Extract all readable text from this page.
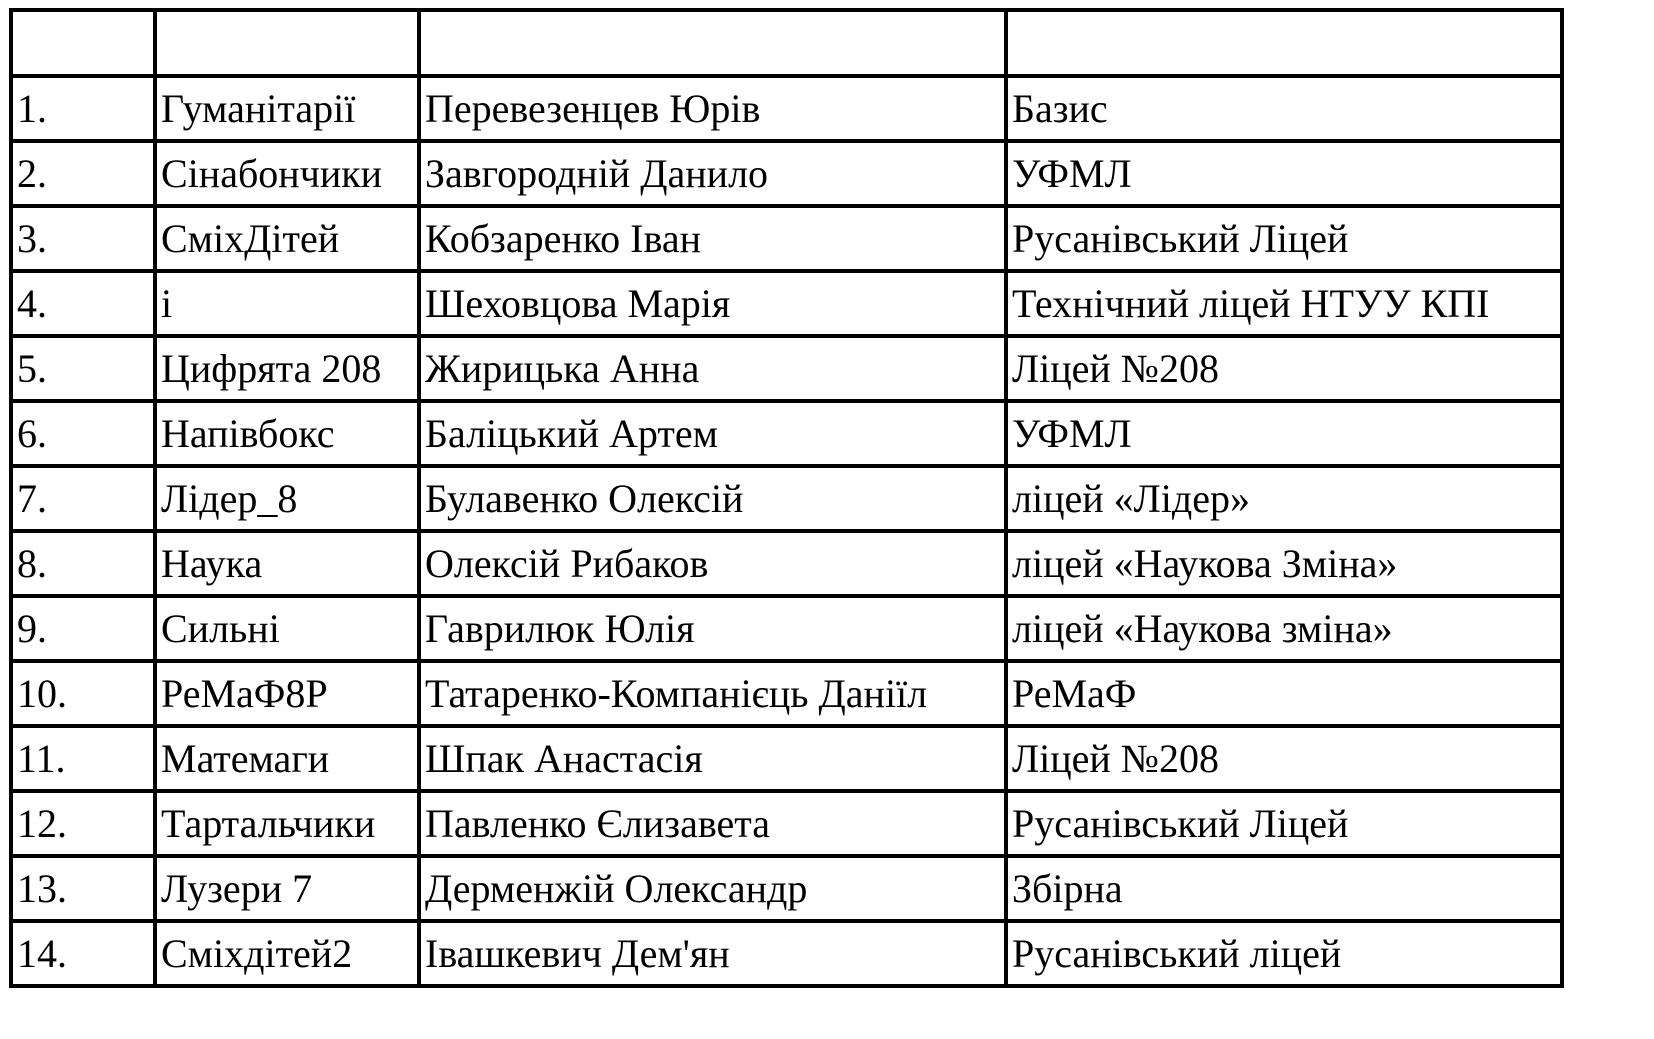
1.	Гуманітарії	Перевезенцев Юрів	Базис
2.	Сінабончики	Завгородній Данило	УФМЛ
3.	СміхДітей	Кобзаренко Іван	Русанівський Ліцей
4.	і	Шеховцова Марія	Технічний ліцей НТУУ КПІ
5.	Цифрята 208	Жирицька Анна	Ліцей №208
6.	Напівбокс	Баліцький Артем	УФМЛ
7.	Лідер_8	Булавенко Олексій	ліцей «Лідер»
8.	Наука	Олексій Рибаков	ліцей «Наукова Зміна»
9.	Сильні	Гаврилюк Юлія	ліцей «Наукова зміна»
10.	РеМаФ8Р	Татаренко-Компанієць Даніїл	РеМаФ
11.	Матемаги	Шпак Анастасія	Ліцей №208
12.	Тартальчики	Павленко Єлизавета	Русанівський Ліцей
13.	Лузери 7	Дерменжій Олександр	Збірна
14.	Сміхдітей2	Івашкевич Дем'ян	Русанівський ліцей
